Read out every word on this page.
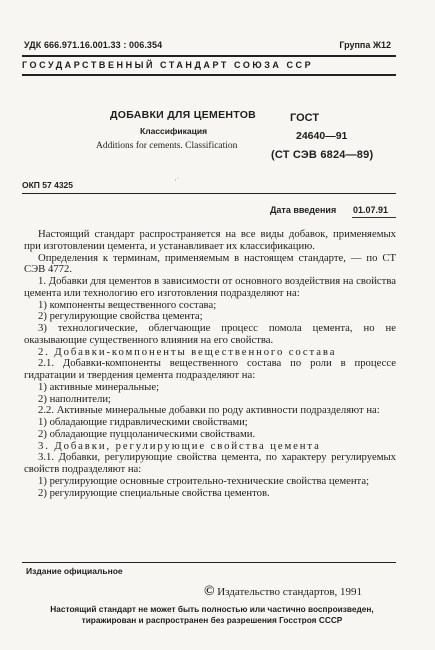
УДК 666.971.16.001.33 : 006.354	Группа Ж12
ГОСУДАРСТВЕННЫЙ СТАНДАРТ СОЮЗА ССР
ДОБАВКИ ДЛЯ ЦЕМЕНТОВ
Классификация
Additions for cements. Classification
ГОСТ
24640—91
(СТ СЭВ 6824—89)
ОКП 57 4325	·˙
Дата введения 01.07.91

Настоящий стандарт распространяется на все виды добавок, применяемых при изготовлении цемента, и устанавливает их классификацию.

Определения к терминам, применяемым в настоящем стандарте, — по СТ СЭВ 4772.

1. Добавки для цементов в зависимости от основного воздействия на свойства цемента или технологию его изготовления подразделяют на:

1) компоненты вещественного состава;

2) регулирующие свойства цемента;

3) технологические, облегчающие процесс помола цемента, но не оказывающие существенного влияния на его свойства.

2. Добавки-компоненты вещественного состава

2.1. Добавки-компоненты вещественного состава по роли в процессе гидратации и твердения цемента подразделяют на:

1) активные минеральные;

2) наполнители;

2.2. Активные минеральные добавки по роду активности подразделяют на:

1) обладающие гидравлическими свойствами;

2) обладающие пуццоланическими свойствами.

3. Добавки, регулирующие свойства цемента

3.1. Добавки, регулирующие свойства цемента, по характеру регулируемых свойств подразделяют на:

1) регулирующие основные строительно-технические свойства цемента;

2) регулирующие специальные свойства цементов.

Издание официальное
© Издательство стандартов, 1991
Настоящий стандарт не может быть полностью или частично воспроизведен,
тиражирован и распространен без разрешения Госстроя СССР
